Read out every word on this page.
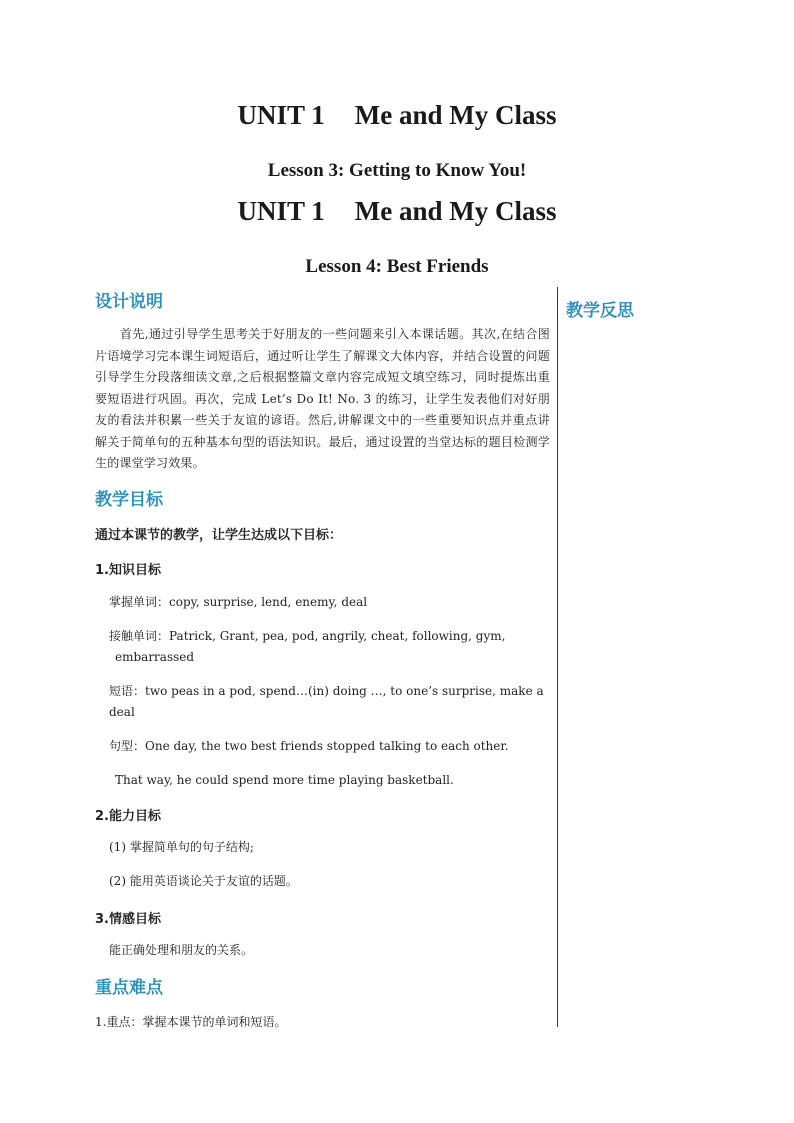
UNIT 1 Me and My Class
Lesson 3: Getting to Know You!
UNIT 1 Me and My Class
Lesson 4: Best Friends

设计说明

首先,通过引导学生思考关于好朋友的一些问题来引入本课话题。其次,在结合图片语境学习完本课生词短语后，通过听让学生了解课文大体内容，并结合设置的问题引导学生分段落细读文章,之后根据整篇文章内容完成短文填空练习，同时提炼出重要短语进行巩固。再次，完成 Let’s Do It! No. 3 的练习，让学生发表他们对好朋友的看法并积累一些关于友谊的谚语。然后,讲解课文中的一些重要知识点并重点讲解关于简单句的五种基本句型的语法知识。最后，通过设置的当堂达标的题目检测学生的课堂学习效果。

教学目标

通过本课节的教学，让学生达成以下目标：

1.知识目标

掌握单词：copy, surprise, lend, enemy, deal

接触单词：Patrick, Grant, pea, pod, angrily, cheat, following, gym,
embarrassed

短语：two peas in a pod, spend…(in) doing …, to one’s surprise, make a deal

句型：One day, the two best friends stopped talking to each other.

That way, he could spend more time playing basketball.

2.能力目标

(1) 掌握简单句的句子结构;

(2) 能用英语谈论关于友谊的话题。

3.情感目标

能正确处理和朋友的关系。

重点难点

1.重点：掌握本课节的单词和短语。

教学反思
